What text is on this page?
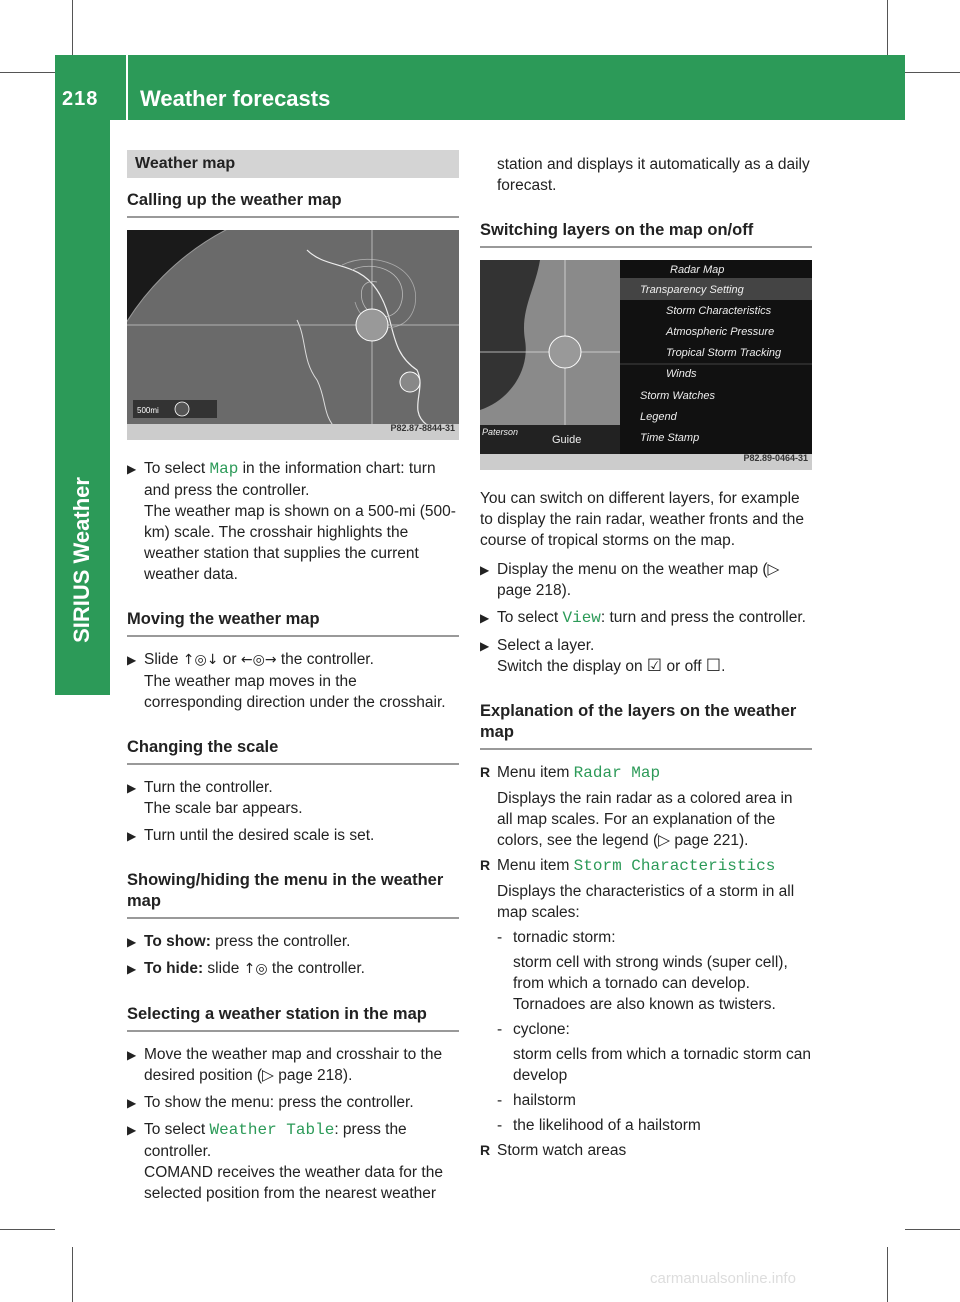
218	Weather forecasts
SIRIUS Weather
Weather map
Calling up the weather map
500mi
P82.87-8844-31
▶ To select Map in the information chart: turn and press the controller.
The weather map is shown on a 500-mi (500-km) scale. The crosshair highlights the weather station that supplies the current weather data.
Moving the weather map
▶ Slide ↑◎↓ or ←◎→ the controller.
The weather map moves in the corresponding direction under the crosshair.
Changing the scale
▶ Turn the controller.
The scale bar appears.
▶ Turn until the desired scale is set.
Showing/hiding the menu in the weather map
▶ To show: press the controller.
▶ To hide: slide ↑◎ the controller.
Selecting a weather station in the map
▶ Move the weather map and crosshair to the desired position (▷ page 218).
▶ To show the menu: press the controller.
▶ To select Weather Table: press the controller.
COMAND receives the weather data for the selected position from the nearest weather
station and displays it automatically as a daily forecast.
Switching layers on the map on/off
Radar Map
Transparency Setting
Storm Characteristics
Atmospheric Pressure
Tropical Storm Tracking
Winds
Storm Watches
Legend
Time Stamp
Paterson
Guide
P82.89-0464-31
You can switch on different layers, for example to display the rain radar, weather fronts and the course of tropical storms on the map.
▶ Display the menu on the weather map (▷ page 218).
▶ To select View: turn and press the controller.
▶ Select a layer.
Switch the display on ☑ or off ☐.
Explanation of the layers on the weather map
R Menu item Radar Map
Displays the rain radar as a colored area in all map scales. For an explanation of the colors, see the legend (▷ page 221).
R Menu item Storm Characteristics
Displays the characteristics of a storm in all map scales:
- tornadic storm:
storm cell with strong winds (super cell), from which a tornado can develop. Tornadoes are also known as twisters.
- cyclone:
storm cells from which a tornadic storm can develop
- hailstorm
- the likelihood of a hailstorm
R Storm watch areas
carmanualsonline.info
